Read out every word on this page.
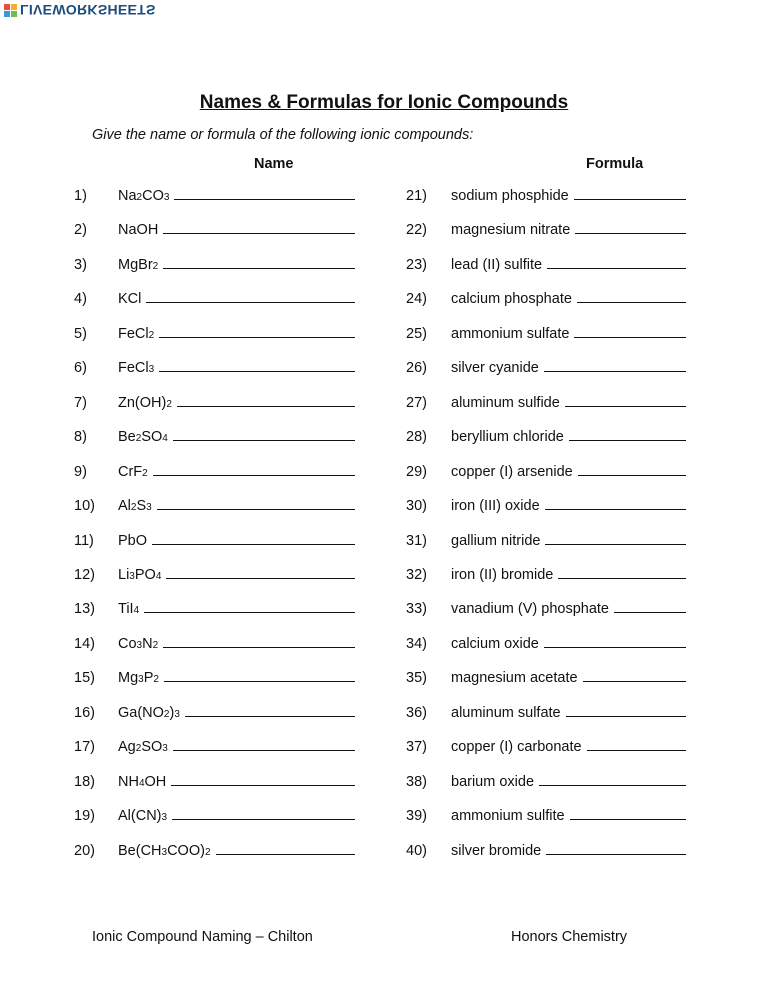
LIVEWORKSHEETS
Names & Formulas for Ionic Compounds
Give the name or formula of the following ionic compounds:
Name	Formula
1) Na2CO3
2) NaOH
3) MgBr2
4) KCl
5) FeCl2
6) FeCl3
7) Zn(OH)2
8) Be2SO4
9) CrF2
10) Al2S3
11) PbO
12) Li3PO4
13) TiI4
14) Co3N2
15) Mg3P2
16) Ga(NO2)3
17) Ag2SO3
18) NH4OH
19) Al(CN)3
20) Be(CH3COO)2
21) sodium phosphide
22) magnesium nitrate
23) lead (II) sulfite
24) calcium phosphate
25) ammonium sulfate
26) silver cyanide
27) aluminum sulfide
28) beryllium chloride
29) copper (I) arsenide
30) iron (III) oxide
31) gallium nitride
32) iron (II) bromide
33) vanadium (V) phosphate
34) calcium oxide
35) magnesium acetate
36) aluminum sulfate
37) copper (I) carbonate
38) barium oxide
39) ammonium sulfite
40) silver bromide
Ionic Compound Naming – Chilton	Honors Chemistry
